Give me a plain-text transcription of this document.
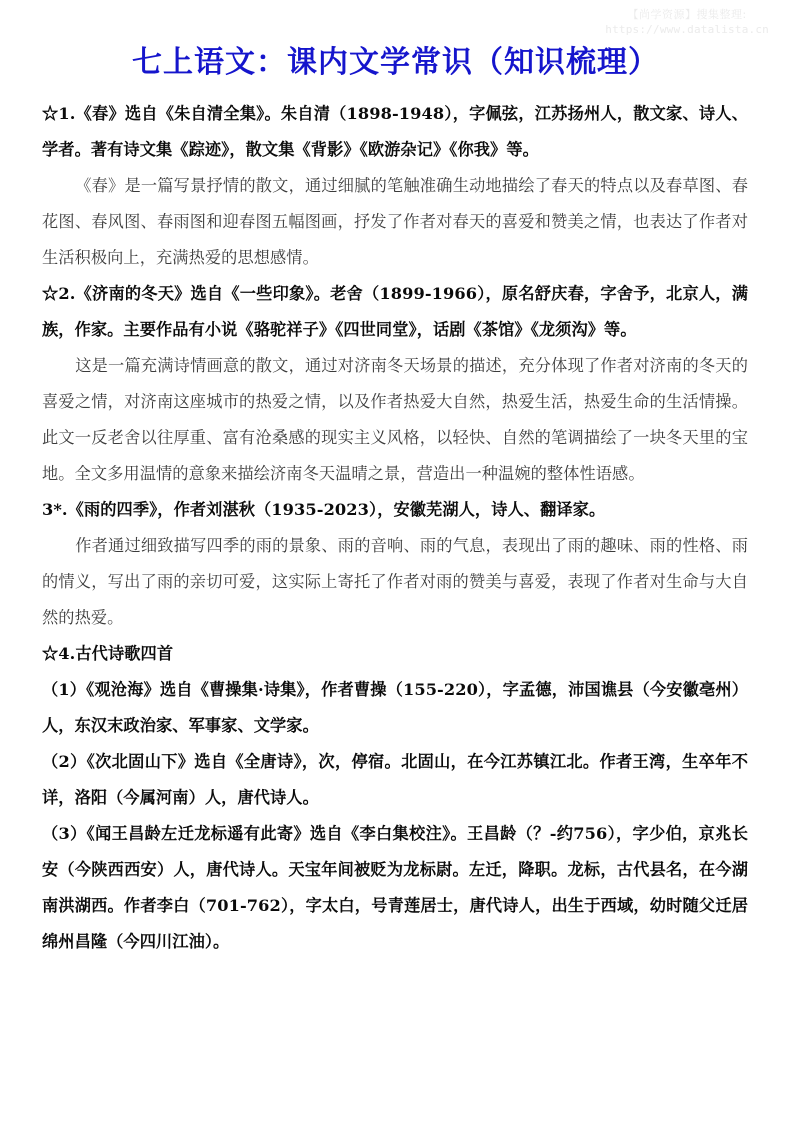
【尚学资源】搜集整理:
https://www.datalista.cn
七上语文：课内文学常识（知识梳理）

☆1.《春》选自《朱自清全集》。朱自清（1898-1948），字佩弦，江苏扬州人，散文家、诗人、学者。著有诗文集《踪迹》，散文集《背影》《欧游杂记》《你我》等。

《春》是一篇写景抒情的散文，通过细腻的笔触准确生动地描绘了春天的特点以及春草图、春花图、春风图、春雨图和迎春图五幅图画，抒发了作者对春天的喜爱和赞美之情，也表达了作者对生活积极向上，充满热爱的思想感情。

☆2.《济南的冬天》选自《一些印象》。老舍（1899-1966），原名舒庆春，字舍予，北京人，满族，作家。主要作品有小说《骆驼祥子》《四世同堂》，话剧《茶馆》《龙须沟》等。

这是一篇充满诗情画意的散文，通过对济南冬天场景的描述，充分体现了作者对济南的冬天的喜爱之情，对济南这座城市的热爱之情，以及作者热爱大自然，热爱生活，热爱生命的生活情操。此文一反老舍以往厚重、富有沧桑感的现实主义风格，以轻快、自然的笔调描绘了一块冬天里的宝地。全文多用温情的意象来描绘济南冬天温晴之景，营造出一种温婉的整体性语感。

3*.《雨的四季》，作者刘湛秋（1935-2023），安徽芜湖人，诗人、翻译家。

作者通过细致描写四季的雨的景象、雨的音响、雨的气息，表现出了雨的趣味、雨的性格、雨的情义，写出了雨的亲切可爱，这实际上寄托了作者对雨的赞美与喜爱，表现了作者对生命与大自然的热爱。

☆4.古代诗歌四首

（1）《观沧海》选自《曹操集·诗集》，作者曹操（155-220），字孟德，沛国谯县（今安徽亳州）人，东汉末政治家、军事家、文学家。

（2）《次北固山下》选自《全唐诗》，次，停宿。北固山，在今江苏镇江北。作者王湾，生卒年不详，洛阳（今属河南）人，唐代诗人。

（3）《闻王昌龄左迁龙标遥有此寄》选自《李白集校注》。王昌龄（？-约756），字少伯，京兆长安（今陕西西安）人，唐代诗人。天宝年间被贬为龙标尉。左迁，降职。龙标，古代县名，在今湖南洪湖西。作者李白（701-762），字太白，号青莲居士，唐代诗人，出生于西域，幼时随父迁居绵州昌隆（今四川江油）。
